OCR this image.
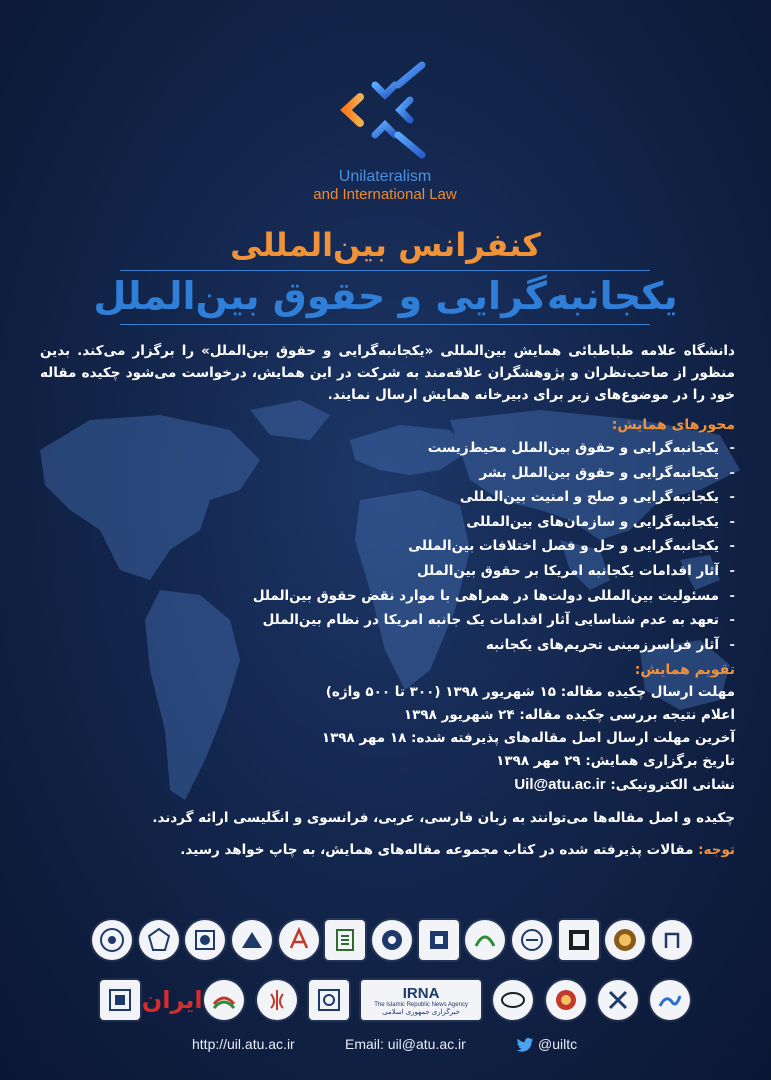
Unilateralism
and International Law
کنفرانس بین‌المللی
یکجانبه‌گرایی و حقوق بین‌الملل

دانشگاه علامه طباطبائی همایش بین‌المللی «یکجانبه‌گرایی و حقوق بین‌الملل» را برگزار می‌کند. بدین منظور از صاحب‌نظران و پژوهشگران علاقه‌مند به شرکت در این همایش، درخواست می‌شود چکیده مقاله خود را در موضوع‌های زیر برای دبیرخانه همایش ارسال نمایند.

محورهای همایش:
-
یکجانبه‌گرایی و حقوق بین‌الملل محیط‌زیست
-
یکجانبه‌گرایی و حقوق بین‌الملل بشر
-
یکجانبه‌گرایی و صلح و امنیت بین‌المللی
-
یکجانبه‌گرایی و سازمان‌های بین‌المللی
-
یکجانبه‌گرایی و حل و فصل اختلافات بین‌المللی
-
آثار اقدامات یکجانبه امریکا بر حقوق بین‌الملل
-
مسئولیت بین‌المللی دولت‌ها در همراهی با موارد نقض حقوق بین‌الملل
-
تعهد به عدم شناسایی آثار اقدامات یک جانبه امریکا در نظام بین‌الملل
-
آثار فراسرزمینی تحریم‌های یکجانبه
تقویم همایش:
مهلت ارسال چکیده مقاله: ۱۵ شهریور ۱۳۹۸ (۳۰۰ تا ۵۰۰ واژه)
اعلام نتیجه بررسی چکیده مقاله: ۲۴ شهریور ۱۳۹۸
آخرین مهلت ارسال اصل مقاله‌های پذیرفته شده: ۱۸ مهر ۱۳۹۸
تاریخ برگزاری همایش: ۲۹ مهر ۱۳۹۸
نشانی الکترونیکی: Uil@atu.ac.ir
چکیده و اصل مقاله‌ها می‌توانند به زبان فارسی، عربی، فرانسوی و انگلیسی ارائه گردند.
توجه: مقالات پذیرفته شده در کتاب مجموعه مقاله‌های همایش، به چاپ خواهد رسید.
ایران	IRNA
The Islamic Republic News Agency
خبرگزاری جمهوری اسلامی
http://uil.atu.ac.ir	Email: uil@atu.ac.ir	@uiltc
